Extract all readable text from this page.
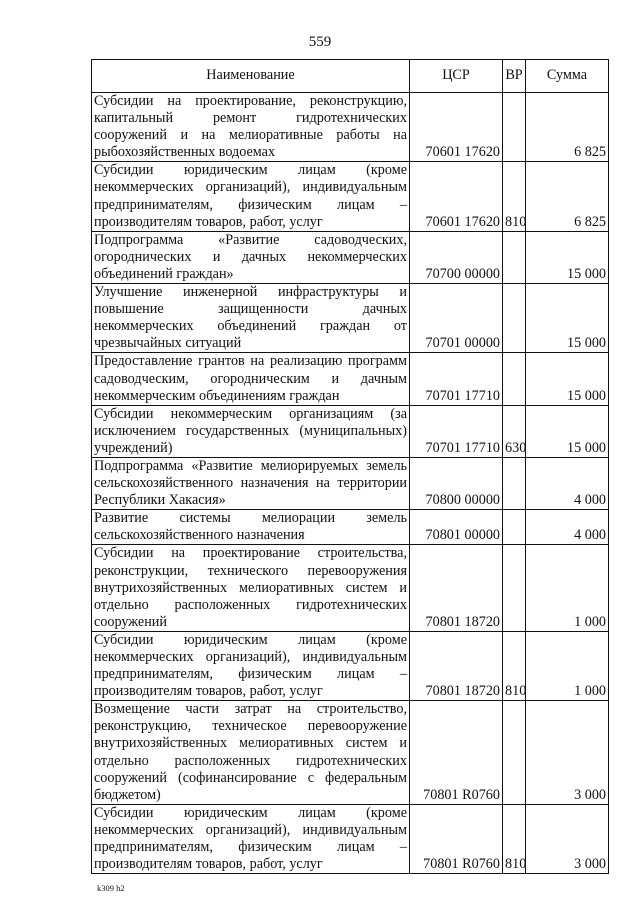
559
Наименование	ЦСР	ВР	Сумма
Субсидии на проектирование, реконструкцию, капитальный ремонт гидротехнических сооружений и на мелиоративные работы на рыбохозяйственных водоемах	70601 17620		6 825
Субсидии юридическим лицам (кроме некоммерческих организаций), индивидуальным предпринимателям, физическим лицам – производителям товаров, работ, услуг	70601 17620	810	6 825
Подпрограмма «Развитие садоводческих, огороднических и дачных некоммерческих объединений граждан»	70700 00000		15 000
Улучшение инженерной инфраструктуры и повышение защищенности дачных некоммерческих объединений граждан от чрезвычайных ситуаций	70701 00000		15 000
Предоставление грантов на реализацию программ садоводческим, огородническим и дачным некоммерческим объединениям граждан	70701 17710		15 000
Субсидии некоммерческим организациям (за исключением государственных (муниципальных) учреждений)	70701 17710	630	15 000
Подпрограмма «Развитие мелиорируемых земель сельскохозяйственного назначения на территории Республики Хакасия»	70800 00000		4 000
Развитие системы мелиорации земель сельскохозяйственного назначения	70801 00000		4 000
Субсидии на проектирование строительства, реконструкции, технического перевооружения внутрихозяйственных мелиоративных систем и отдельно расположенных гидротехнических сооружений	70801 18720		1 000
Субсидии юридическим лицам (кроме некоммерческих организаций), индивидуальным предпринимателям, физическим лицам – производителям товаров, работ, услуг	70801 18720	810	1 000
Возмещение части затрат на строительство, реконструкцию, техническое перевооружение внутрихозяйственных мелиоративных систем и отдельно расположенных гидротехнических сооружений (софинансирование с федеральным бюджетом)	70801 R0760		3 000
Субсидии юридическим лицам (кроме некоммерческих организаций), индивидуальным предпринимателям, физическим лицам – производителям товаров, работ, услуг	70801 R0760	810	3 000
k309 h2
